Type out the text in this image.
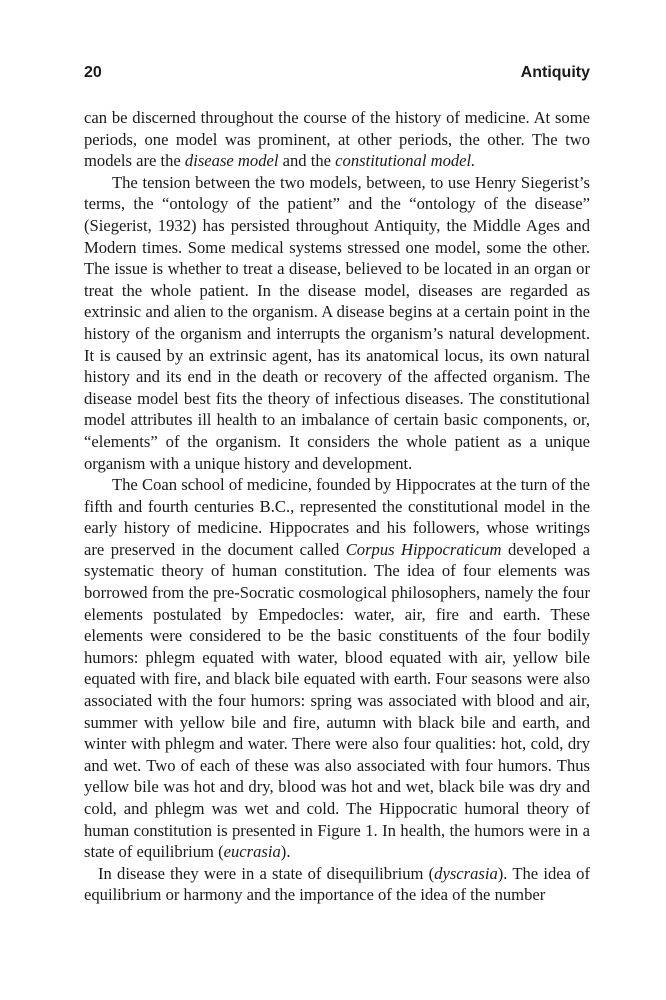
20	Antiquity

can be discerned throughout the course of the history of medicine. At some periods, one model was prominent, at other periods, the other. The two models are the disease model and the constitutional model.

The tension between the two models, between, to use Henry Siegerist’s terms, the “ontology of the patient” and the “ontology of the disease” (Siegerist, 1932) has persisted throughout Antiquity, the Middle Ages and Modern times. Some medical systems stressed one model, some the other. The issue is whether to treat a disease, believed to be located in an organ or treat the whole patient. In the disease model, diseases are regarded as extrinsic and alien to the organism. A disease begins at a certain point in the history of the organism and interrupts the organism’s natural development. It is caused by an extrinsic agent, has its anatomical locus, its own natural history and its end in the death or recovery of the affected organism. The disease model best fits the theory of infectious diseases. The constitutional model attributes ill health to an imbalance of certain basic components, or, “elements” of the organism. It considers the whole patient as a unique organism with a unique history and development.

The Coan school of medicine, founded by Hippocrates at the turn of the fifth and fourth centuries B.C., represented the constitutional model in the early history of medicine. Hippocrates and his followers, whose writings are preserved in the document called Corpus Hippocraticum developed a systematic theory of human constitution. The idea of four elements was borrowed from the pre-Socratic cosmological philosophers, namely the four elements postulated by Empedocles: water, air, fire and earth. These elements were considered to be the basic constituents of the four bodily humors: phlegm equated with water, blood equated with air, yellow bile equated with fire, and black bile equated with earth. Four seasons were also associated with the four humors: spring was associated with blood and air, summer with yellow bile and fire, autumn with black bile and earth, and winter with phlegm and water. There were also four qualities: hot, cold, dry and wet. Two of each of these was also associated with four humors. Thus yellow bile was hot and dry, blood was hot and wet, black bile was dry and cold, and phlegm was wet and cold. The Hippocratic humoral theory of human constitution is presented in Figure 1. In health, the humors were in a state of equilibrium (eucrasia).

In disease they were in a state of disequilibrium (dyscrasia). The idea of equilibrium or harmony and the importance of the idea of the number
